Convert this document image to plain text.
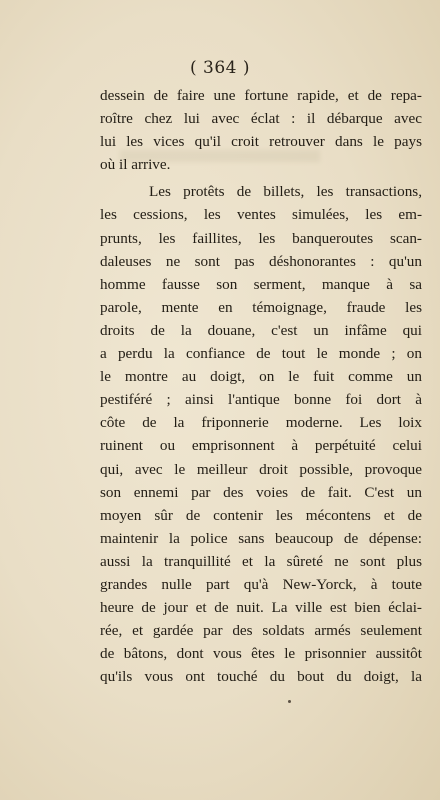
( 364 )
dessein de faire une fortune rapide, et de repa-
roître chez lui avec éclat : il débarque avec
lui les vices qu'il croit retrouver dans le pays
où il arrive.
Les protêts de billets, les transactions,
les cessions, les ventes simulées, les em-
prunts, les faillites, les banqueroutes scan-
daleuses ne sont pas déshonorantes : qu'un
homme fausse son serment, manque à sa
parole, mente en témoignage, fraude les
droits de la douane, c'est un infâme qui
a perdu la confiance de tout le monde ; on
le montre au doigt, on le fuit comme un
pestiféré ; ainsi l'antique bonne foi dort à
côte de la friponnerie moderne. Les loix
ruinent ou emprisonnent à perpétuité celui
qui, avec le meilleur droit possible, provoque
son ennemi par des voies de fait. C'est un
moyen sûr de contenir les mécontens et de
maintenir la police sans beaucoup de dépense:
aussi la tranquillité et la sûreté ne sont plus
grandes nulle part qu'à New-Yorck, à toute
heure de jour et de nuit. La ville est bien éclai-
rée, et gardée par des soldats armés seulement
de bâtons, dont vous êtes le prisonnier aussitôt
qu'ils vous ont touché du bout du doigt, la
